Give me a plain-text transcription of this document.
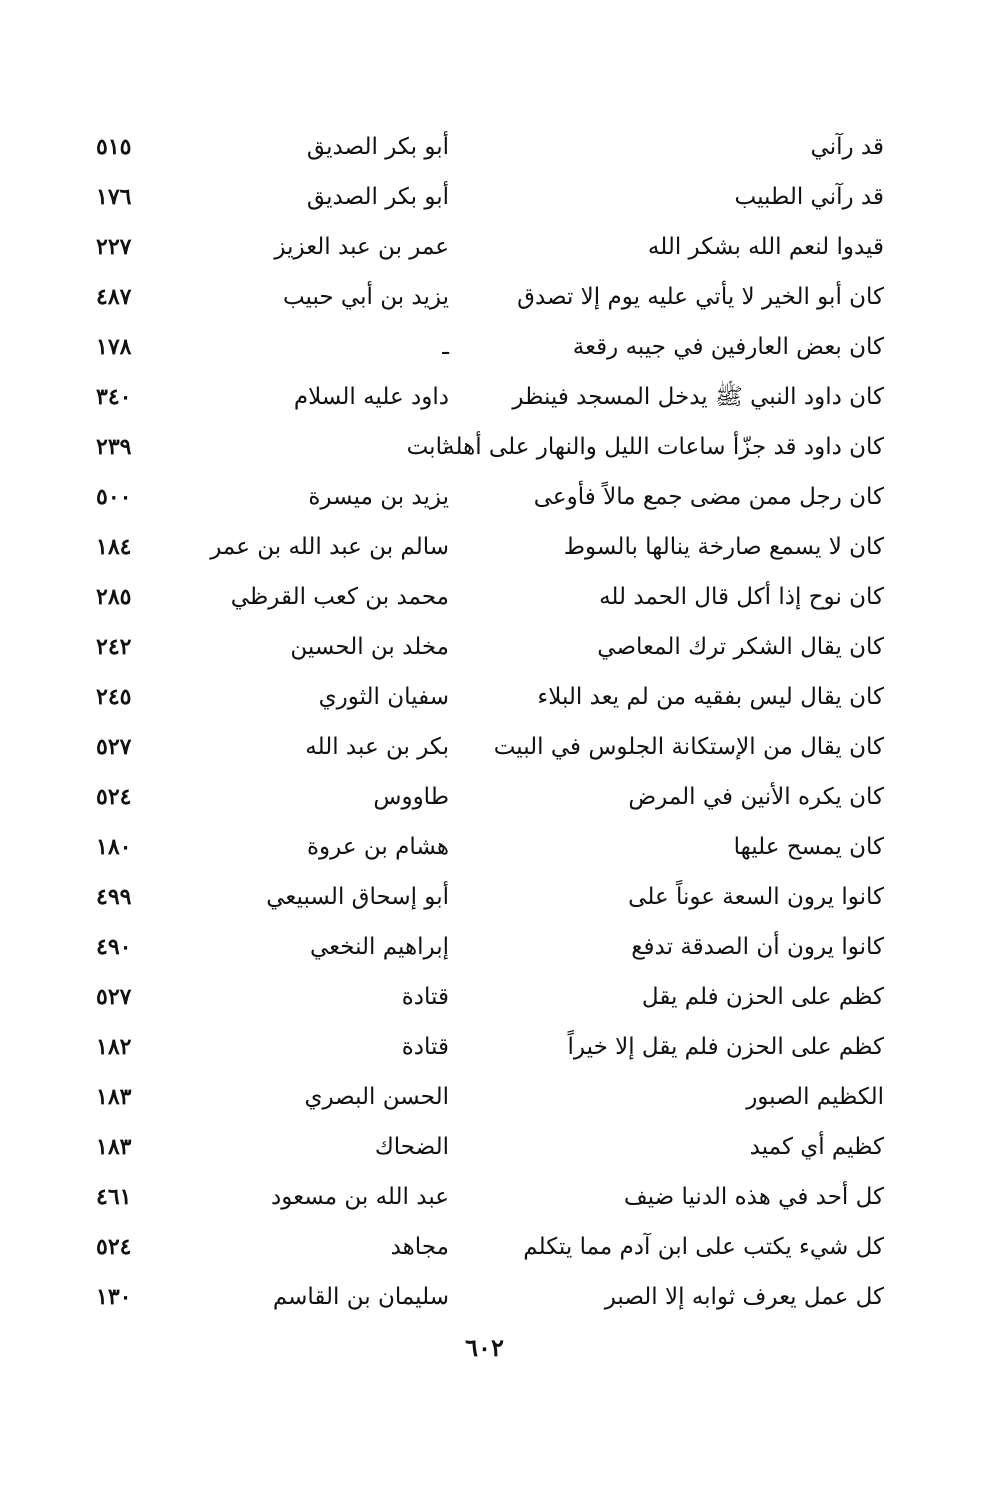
قد رآني
أبو بكر الصديق
٥١٥
قد رآني الطبيب
أبو بكر الصديق
١٧٦
قيدوا لنعم الله بشكر الله
عمر بن عبد العزيز
٢٢٧
كان أبو الخير لا يأتي عليه يوم إلا تصدق
يزيد بن أبي حبيب
٤٨٧
كان بعض العارفين في جيبه رقعة
ـ
١٧٨
كان داود النبي ﷺ يدخل المسجد فينظر
داود عليه السلام
٣٤٠
كان داود قد جزّأ ساعات الليل والنهار على أهله
ثابت
٢٣٩
كان رجل ممن مضى جمع مالاً فأوعى
يزيد بن ميسرة
٥٠٠
كان لا يسمع صارخة ينالها بالسوط
سالم بن عبد الله بن عمر
١٨٤
كان نوح إذا أكل قال الحمد لله
محمد بن كعب القرظي
٢٨٥
كان يقال الشكر ترك المعاصي
مخلد بن الحسين
٢٤٢
كان يقال ليس بفقيه من لم يعد البلاء
سفيان الثوري
٢٤٥
كان يقال من الإستكانة الجلوس في البيت
بكر بن عبد الله
٥٢٧
كان يكره الأنين في المرض
طاووس
٥٢٤
كان يمسح عليها
هشام بن عروة
١٨٠
كانوا يرون السعة عوناً على
أبو إسحاق السبيعي
٤٩٩
كانوا يرون أن الصدقة تدفع
إبراهيم النخعي
٤٩٠
كظم على الحزن فلم يقل
قتادة
٥٢٧
كظم على الحزن فلم يقل إلا خيراً
قتادة
١٨٢
الكظيم الصبور
الحسن البصري
١٨٣
كظيم أي كميد
الضحاك
١٨٣
كل أحد في هذه الدنيا ضيف
عبد الله بن مسعود
٤٦١
كل شيء يكتب على ابن آدم مما يتكلم
مجاهد
٥٢٤
كل عمل يعرف ثوابه إلا الصبر
سليمان بن القاسم
١٣٠
٦٠٢
